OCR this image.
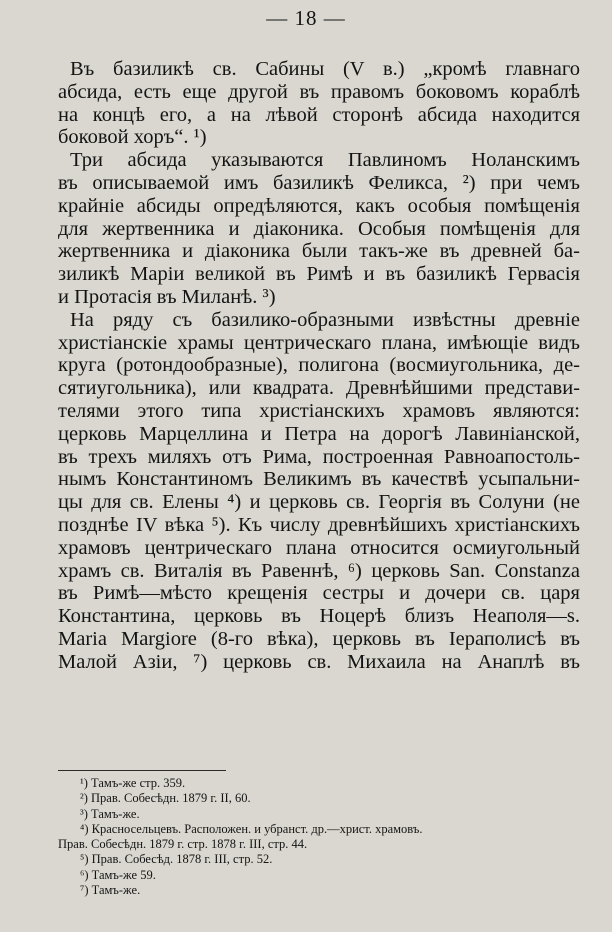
— 18 —
Въ базиликѣ св. Сабины (V в.) „кромѣ главнаго
абсида, есть еще другой въ правомъ боковомъ кораблѣ
на концѣ его, а на лѣвой сторонѣ абсида находится
боковой хоръ“. ¹)
Три абсида указываются Павлиномъ Ноланскимъ
въ описываемой имъ базиликѣ Феликса, ²) при чемъ
крайніе абсиды опредѣляются, какъ особыя помѣщенія
для жертвенника и діаконика. Особыя помѣщенія для
жертвенника и діаконика были такъ-же въ древней ба-
зиликѣ Маріи великой въ Римѣ и въ базиликѣ Гервасія
и Протасія въ Миланѣ. ³)
На ряду съ базилико-образными извѣстны древніе
христіанскіе храмы центрическаго плана, имѣющіе видъ
круга (ротондообразные), полигона (восмиугольника, де-
сятиугольника), или квадрата. Древнѣйшими представи-
телями этого типа христіанскихъ храмовъ являются:
церковь Марцеллина и Петра на дорогѣ Лавиніанской,
въ трехъ миляхъ отъ Рима, построенная Равноапостоль-
нымъ Константиномъ Великимъ въ качествѣ усыпальни-
цы для св. Елены ⁴) и церковь св. Георгія въ Солуни (не
позднѣе IV вѣка ⁵). Къ числу древнѣйшихъ христіанскихъ
храмовъ центрическаго плана относится осмиугольный
храмъ св. Виталія въ Равеннѣ, ⁶) церковь San. Constanza
въ Римѣ—мѣсто крещенія сестры и дочери св. царя
Константина, церковь въ Ноцерѣ близъ Неаполя—s.
Maria Margiore (8-го вѣка), церковь въ Іераполисѣ въ
Малой Азіи, ⁷) церковь св. Михаила на Анаплѣ въ
¹) Тамъ-же стр. 359.
²) Прав. Собесѣдн. 1879 г. II, 60.
³) Тамъ-же.
⁴) Красносельцевъ. Расположен. и убранст. др.—христ. храмовъ.
Прав. Собесѣдн. 1879 г. стр. 1878 г. III, стр. 44.
⁵) Прав. Собесѣд. 1878 г. III, стр. 52.
⁶) Тамъ-же 59.
⁷) Тамъ-же.
